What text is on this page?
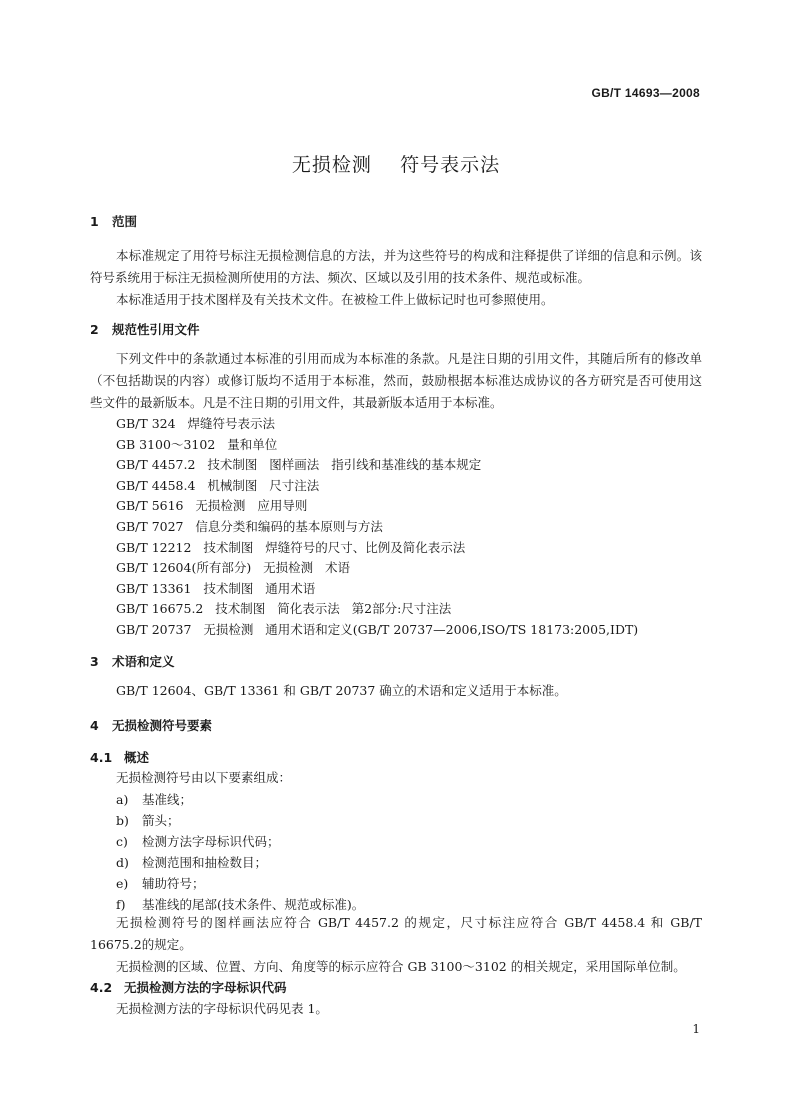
GB/T 14693—2008
无损检测    符号表示法
1 范围
本标准规定了用符号标注无损检测信息的方法，并为这些符号的构成和注释提供了详细的信息和示例。该符号系统用于标注无损检测所使用的方法、频次、区域以及引用的技术条件、规范或标准。
本标准适用于技术图样及有关技术文件。在被检工件上做标记时也可参照使用。
2 规范性引用文件
下列文件中的条款通过本标准的引用而成为本标准的条款。凡是注日期的引用文件，其随后所有的修改单（不包括勘误的内容）或修订版均不适用于本标准，然而，鼓励根据本标准达成协议的各方研究是否可使用这些文件的最新版本。凡是不注日期的引用文件，其最新版本适用于本标准。
GB/T 324   焊缝符号表示法
GB 3100～3102   量和单位
GB/T 4457.2   技术制图   图样画法   指引线和基准线的基本规定
GB/T 4458.4   机械制图   尺寸注法
GB/T 5616   无损检测   应用导则
GB/T 7027   信息分类和编码的基本原则与方法
GB/T 12212   技术制图   焊缝符号的尺寸、比例及简化表示法
GB/T 12604(所有部分)   无损检测   术语
GB/T 13361   技术制图   通用术语
GB/T 16675.2   技术制图   简化表示法   第2部分:尺寸注法
GB/T 20737   无损检测   通用术语和定义(GB/T 20737—2006,ISO/TS 18173:2005,IDT)
3 术语和定义
GB/T 12604、GB/T 13361 和 GB/T 20737 确立的术语和定义适用于本标准。
4 无损检测符号要素
4.1 概述
无损检测符号由以下要素组成：
a) 基准线；
b) 箭头；
c) 检测方法字母标识代码；
d) 检测范围和抽检数目；
e) 辅助符号；
f) 基准线的尾部(技术条件、规范或标准)。
无损检测符号的图样画法应符合 GB/T 4457.2 的规定，尺寸标注应符合 GB/T 4458.4 和 GB/T 16675.2的规定。
无损检测的区域、位置、方向、角度等的标示应符合 GB 3100～3102 的相关规定，采用国际单位制。
4.2 无损检测方法的字母标识代码
无损检测方法的字母标识代码见表 1。
1
